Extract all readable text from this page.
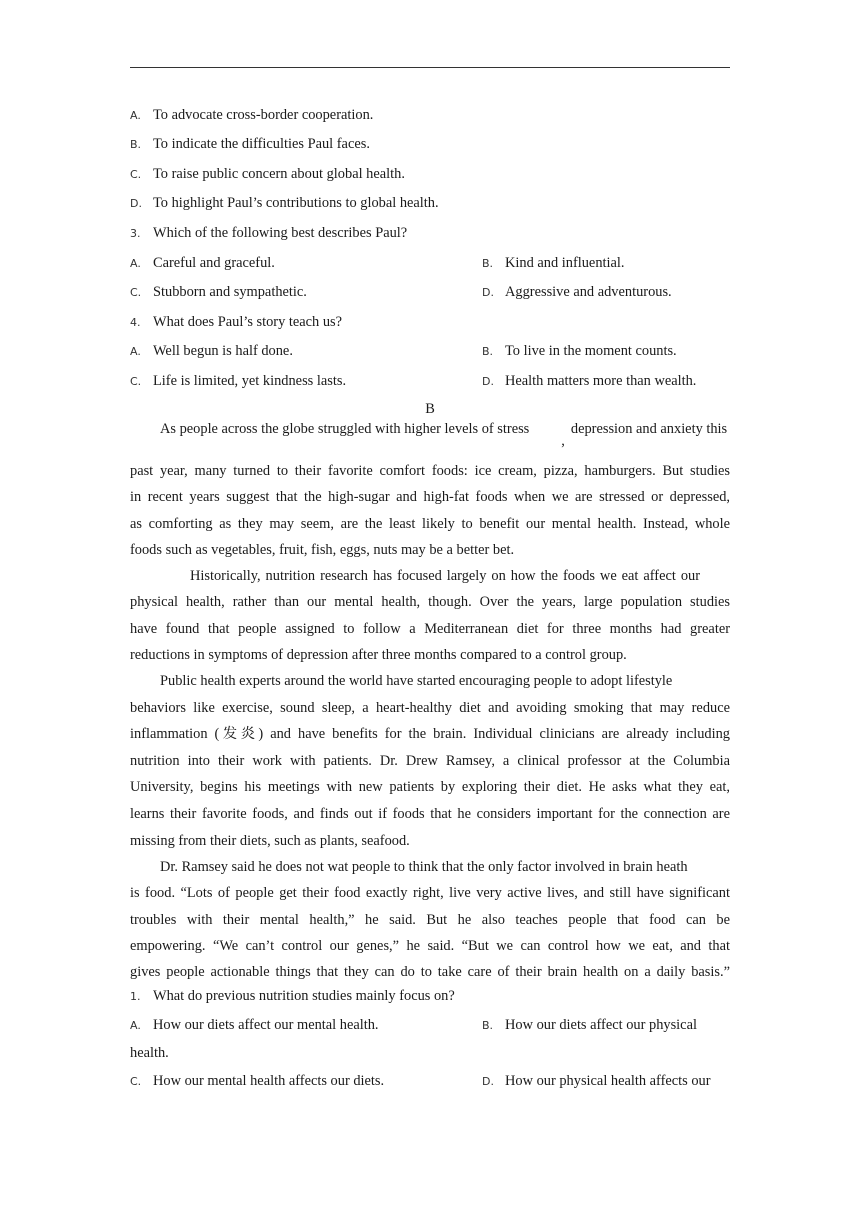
A. To advocate cross-border cooperation.
B. To indicate the difficulties Paul faces.
C. To raise public concern about global health.
D. To highlight Paul’s contributions to global health.
3. Which of the following best describes Paul?
A. Careful and graceful.	B. Kind and influential.
C. Stubborn and sympathetic.	D. Aggressive and adventurous.
4. What does Paul’s story teach us?
A. Well begun is half done.	B. To live in the moment counts.
C. Life is limited, yet kindness lasts.	D. Health matters more than wealth.
B
As people across the globe struggled with higher levels of stress,depression and anxiety this
past year, many turned to their favorite comfort foods: ice cream, pizza, hamburgers. But studies
in recent years suggest that the high-sugar and high-fat foods when we are stressed or depressed,
as comforting as they may seem, are the least likely to benefit our mental health. Instead, whole
foods such as vegetables, fruit, fish, eggs, nuts may be a better bet.
Historically, nutrition research has focused largely on how the foods we eat affect our
physical health, rather than our mental health, though. Over the years, large population studies
have found that people assigned to follow a Mediterranean diet for three months had greater
reductions in symptoms of depression after three months compared to a control group.
Public health experts around the world have started encouraging people to adopt lifestyle
behaviors like exercise, sound sleep, a heart-healthy diet and avoiding smoking that may reduce
inflammation (发炎) and have benefits for the brain. Individual clinicians are already including
nutrition into their work with patients. Dr. Drew Ramsey, a clinical professor at the Columbia
University, begins his meetings with new patients by exploring their diet. He asks what they eat,
learns their favorite foods, and finds out if foods that he considers important for the connection are
missing from their diets, such as plants, seafood.
Dr. Ramsey said he does not wat people to think that the only factor involved in brain heath
is food. “Lots of people get their food exactly right, live very active lives, and still have significant
troubles with their mental health,” he said. But he also teaches people that food can be
empowering. “We can’t control our genes,” he said. “But we can control how we eat, and that
gives people actionable things that they can do to take care of their brain health on a daily basis.”
1. What do previous nutrition studies mainly focus on?
A. How our diets affect our mental health.	B. How our diets affect our physical
health.
C. How our mental health affects our diets.	D. How our physical health affects our
